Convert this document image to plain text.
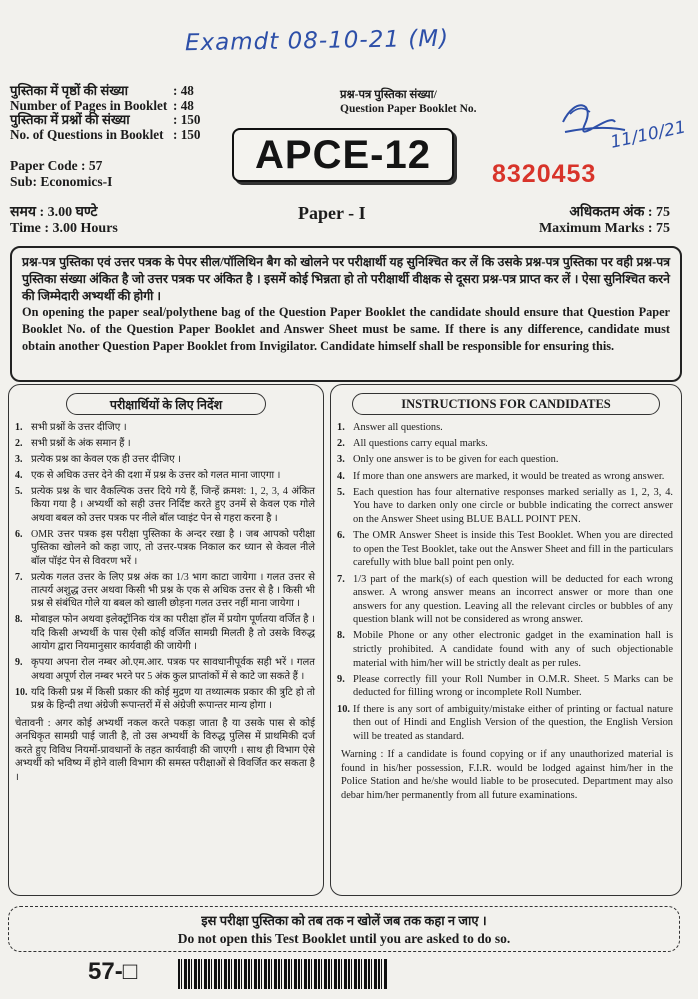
Examdt 08-10-21 (M)
11/10/21
पुस्तिका में पृष्ठों की संख्या	: 48
Number of Pages in Booklet : 48
पुस्तिका में प्रश्नों की संख्या	: 150
No. of Questions in Booklet : 150
Paper Code : 57
Sub: Economics-I
प्रश्न-पत्र पुस्तिका संख्या/
Question Paper Booklet No.
APCE-12	8320453
समय : 3.00 घण्टे
Time : 3.00 Hours
Paper - I	अधिकतम अंक : 75
Maximum Marks : 75

प्रश्न-पत्र पुस्तिका एवं उत्तर पत्रक के पेपर सील/पॉलिथिन बैग को खोलने पर परीक्षार्थी यह सुनिश्चित कर लें कि उसके प्रश्न-पत्र पुस्तिका पर वही प्रश्न-पत्र पुस्तिका संख्या अंकित है जो उत्तर पत्रक पर अंकित है । इसमें कोई भिन्नता हो तो परीक्षार्थी वीक्षक से दूसरा प्रश्न-पत्र प्राप्त कर लें । ऐसा सुनिश्चित करने की जिम्मेदारी अभ्यर्थी की होगी ।

On opening the paper seal/polythene bag of the Question Paper Booklet the candidate should ensure that Question Paper Booklet No. of the Question Paper Booklet and Answer Sheet must be same. If there is any difference, candidate must obtain another Question Paper Booklet from Invigilator. Candidate himself shall be responsible for ensuring this.

परीक्षार्थियों के लिए निर्देश
1. सभी प्रश्नों के उत्तर दीजिए ।
2. सभी प्रश्नों के अंक समान हैं ।
3. प्रत्येक प्रश्न का केवल एक ही उत्तर दीजिए ।
4. एक से अधिक उत्तर देने की दशा में प्रश्न के उत्तर को गलत माना जाएगा ।
5. प्रत्येक प्रश्न के चार वैकल्पिक उत्तर दिये गये हैं, जिन्हें क्रमश: 1, 2, 3, 4 अंकित किया गया है । अभ्यर्थी को सही उत्तर निर्दिष्ट करते हुए उनमें से केवल एक गोले अथवा बबल को उत्तर पत्रक पर नीले बॉल प्वाइंट पेन से गहरा करना है ।
6. OMR उत्तर पत्रक इस परीक्षा पुस्तिका के अन्दर रखा है । जब आपको परीक्षा पुस्तिका खोलने को कहा जाए, तो उत्तर-पत्रक निकाल कर ध्यान से केवल नीले बॉल पॉइंट पेन से विवरण भरें ।
7. प्रत्येक गलत उत्तर के लिए प्रश्न अंक का 1/3 भाग काटा जायेगा । गलत उत्तर से तात्पर्य अशुद्ध उत्तर अथवा किसी भी प्रश्न के एक से अधिक उत्तर से है । किसी भी प्रश्न से संबंधित गोले या बबल को खाली छोड़ना गलत उत्तर नहीं माना जायेगा ।
8. मोबाइल फोन अथवा इलेक्ट्रॉनिक यंत्र का परीक्षा हॉल में प्रयोग पूर्णतया वर्जित है । यदि किसी अभ्यर्थी के पास ऐसी कोई वर्जित सामग्री मिलती है तो उसके विरुद्ध आयोग द्वारा नियमानुसार कार्यवाही की जायेगी ।
9. कृपया अपना रोल नम्बर ओ.एम.आर. पत्रक पर सावधानीपूर्वक सही भरें । गलत अथवा अपूर्ण रोल नम्बर भरने पर 5 अंक कुल प्राप्तांकों में से काटे जा सकते हैं ।
10. यदि किसी प्रश्न में किसी प्रकार की कोई मुद्रण या तथ्यात्मक प्रकार की त्रुटि हो तो प्रश्न के हिन्दी तथा अंग्रेजी रूपान्तरों में से अंग्रेजी रूपान्तर मान्य होगा ।
चेतावनी : अगर कोई अभ्यर्थी नकल करते पकड़ा जाता है या उसके पास से कोई अनधिकृत सामग्री पाई जाती है, तो उस अभ्यर्थी के विरुद्ध पुलिस में प्राथमिकी दर्ज करते हुए विविध नियमों-प्रावधानों के तहत कार्यवाही की जाएगी । साथ ही विभाग ऐसे अभ्यर्थी को भविष्य में होने वाली विभाग की समस्त परीक्षाओं से विवर्जित कर सकता है ।
INSTRUCTIONS FOR CANDIDATES
1. Answer all questions.
2. All questions carry equal marks.
3. Only one answer is to be given for each question.
4. If more than one answers are marked, it would be treated as wrong answer.
5. Each question has four alternative responses marked serially as 1, 2, 3, 4. You have to darken only one circle or bubble indicating the correct answer on the Answer Sheet using BLUE BALL POINT PEN.
6. The OMR Answer Sheet is inside this Test Booklet. When you are directed to open the Test Booklet, take out the Answer Sheet and fill in the particulars carefully with blue ball point pen only.
7. 1/3 part of the mark(s) of each question will be deducted for each wrong answer. A wrong answer means an incorrect answer or more than one answers for any question. Leaving all the relevant circles or bubbles of any question blank will not be considered as wrong answer.
8. Mobile Phone or any other electronic gadget in the examination hall is strictly prohibited. A candidate found with any of such objectionable material with him/her will be strictly dealt as per rules.
9. Please correctly fill your Roll Number in O.M.R. Sheet. 5 Marks can be deducted for filling wrong or incomplete Roll Number.
10. If there is any sort of ambiguity/mistake either of printing or factual nature then out of Hindi and English Version of the question, the English Version will be treated as standard.
Warning : If a candidate is found copying or if any unauthorized material is found in his/her possession, F.I.R. would be lodged against him/her in the Police Station and he/she would liable to be prosecuted. Department may also debar him/her permanently from all future examinations.
इस परीक्षा पुस्तिका को तब तक न खोलें जब तक कहा न जाए ।
Do not open this Test Booklet until you are asked to do so.
57-□
